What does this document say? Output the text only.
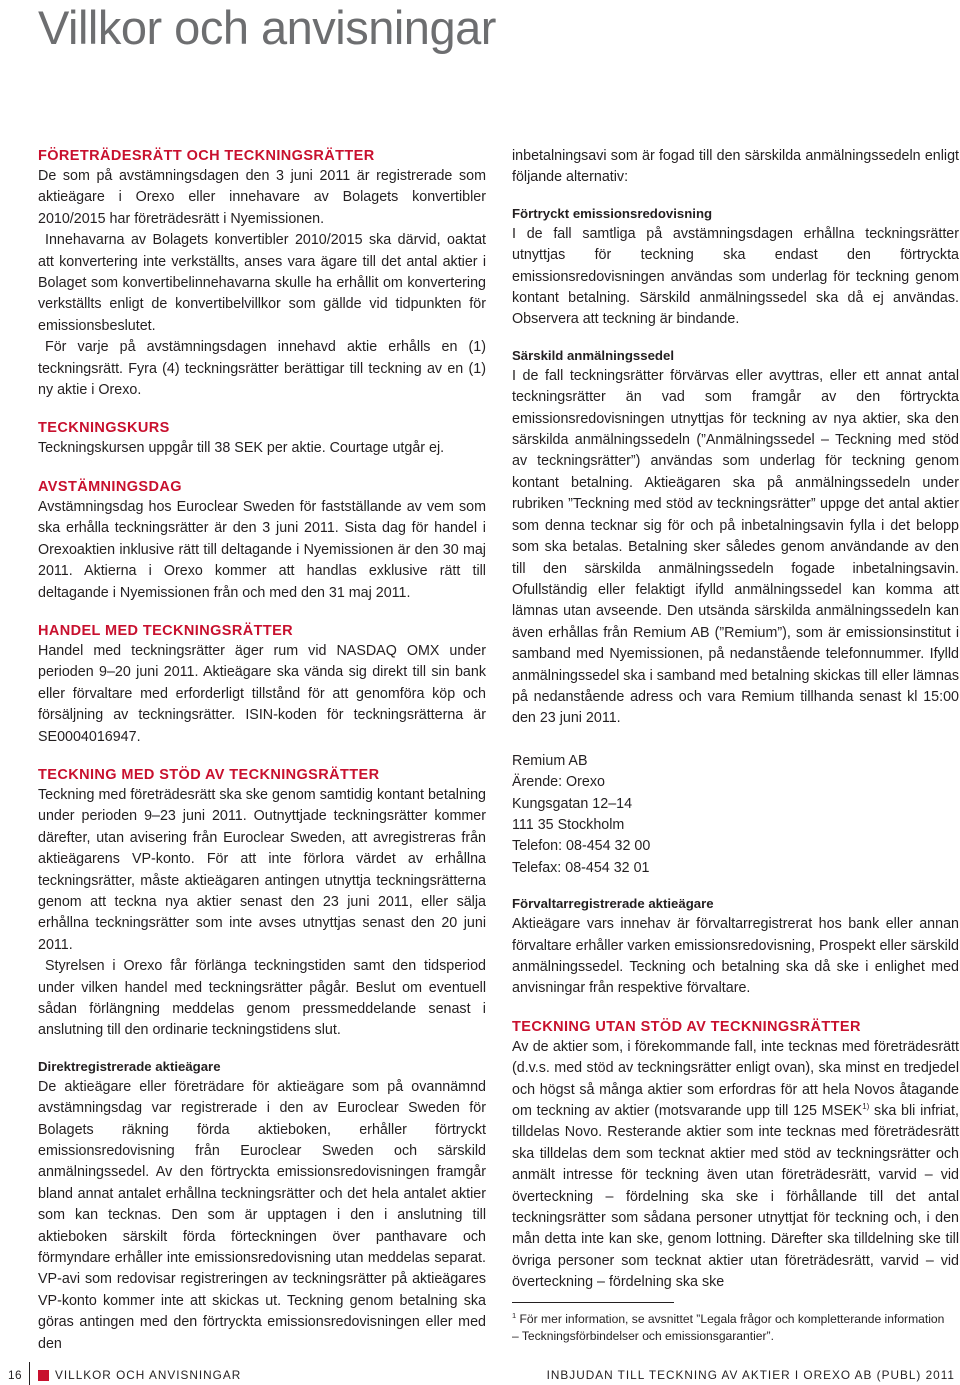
Villkor och anvisningar
FÖRETRÄDESRÄTT OCH TECKNINGSRÄTTER

De som på avstämningsdagen den 3 juni 2011 är registrerade som aktieägare i Orexo eller innehavare av Bolagets konvertibler 2010/2015 har företrädesrätt i Nyemissionen.

Innehavarna av Bolagets konvertibler 2010/2015 ska därvid, oaktat att konvertering inte verkställts, anses vara ägare till det antal aktier i Bolaget som konvertibelinnehavarna skulle ha erhållit om konvertering verkställts enligt de konvertibelvillkor som gällde vid tidpunkten för emissionsbeslutet.

För varje på avstämningsdagen innehavd aktie erhålls en (1) teckningsrätt. Fyra (4) teckningsrätter berättigar till teckning av en (1) ny aktie i Orexo.

TECKNINGSKURS

Teckningskursen uppgår till 38 SEK per aktie. Courtage utgår ej.

AVSTÄMNINGSDAG

Avstämningsdag hos Euroclear Sweden för fastställande av vem som ska erhålla teckningsrätter är den 3 juni 2011. Sista dag för handel i Orexoaktien inklusive rätt till deltagande i Nyemissionen är den 30 maj 2011. Aktierna i Orexo kommer att handlas exklusive rätt till deltagande i Nyemissionen från och med den 31 maj 2011.

HANDEL MED TECKNINGSRÄTTER

Handel med teckningsrätter äger rum vid NASDAQ OMX under perioden 9–20 juni 2011. Aktieägare ska vända sig direkt till sin bank eller förvaltare med erforderligt tillstånd för att genomföra köp och försäljning av teckningsrätter. ISIN-koden för teckningsrätterna är SE0004016947.

TECKNING MED STÖD AV TECKNINGSRÄTTER

Teckning med företrädesrätt ska ske genom samtidig kontant betalning under perioden 9–23 juni 2011. Outnyttjade teckningsrätter kommer därefter, utan avisering från Euroclear Sweden, att avregistreras från aktieägarens VP-konto. För att inte förlora värdet av erhållna teckningsrätter, måste aktieägaren antingen utnyttja teckningsrätterna genom att teckna nya aktier senast den 23 juni 2011, eller sälja erhållna teckningsrätter som inte avses utnyttjas senast den 20 juni 2011.

Styrelsen i Orexo får förlänga teckningstiden samt den tidsperiod under vilken handel med teckningsrätter pågår. Beslut om eventuell sådan förlängning meddelas genom pressmeddelande senast i anslutning till den ordinarie teckningstidens slut.

Direktregistrerade aktieägare

De aktieägare eller företrädare för aktieägare som på ovannämnd avstämningsdag var registrerade i den av Euroclear Sweden för Bolagets räkning förda aktieboken, erhåller förtryckt emissionsredovisning från Euroclear Sweden och särskild anmälningssedel. Av den förtryckta emissionsredovisningen framgår bland annat antalet erhållna teckningsrätter och det hela antalet aktier som kan tecknas. Den som är upptagen i den i anslutning till aktieboken särskilt förda förteckningen över panthavare och förmyndare erhåller inte emissionsredovisning utan meddelas separat. VP-avi som redovisar registreringen av teckningsrätter på aktieägares VP-konto kommer inte att skickas ut. Teckning genom betalning ska göras antingen med den förtryckta emissionsredovisningen eller med den

inbetalningsavi som är fogad till den särskilda anmälningssedeln enligt följande alternativ:

Förtryckt emissionsredovisning

I de fall samtliga på avstämningsdagen erhållna teckningsrätter utnyttjas för teckning ska endast den förtryckta emissionsredovisningen användas som underlag för teckning genom kontant betalning. Särskild anmälningssedel ska då ej användas. Observera att teckning är bindande.

Särskild anmälningssedel

I de fall teckningsrätter förvärvas eller avyttras, eller ett annat antal teckningsrätter än vad som framgår av den förtryckta emissionsredovisningen utnyttjas för teckning av nya aktier, ska den särskilda anmälningssedeln (”Anmälningssedel – Teckning med stöd av teckningsrätter”) användas som underlag för teckning genom kontant betalning. Aktieägaren ska på anmälningssedeln under rubriken ”Teckning med stöd av teckningsrätter” uppge det antal aktier som denna tecknar sig för och på inbetalningsavin fylla i det belopp som ska betalas. Betalning sker således genom användande av den till den särskilda anmälningssedeln fogade inbetalningsavin. Ofullständig eller felaktigt ifylld anmälningssedel kan komma att lämnas utan avseende. Den utsända särskilda anmälningssedeln kan även erhållas från Remium AB (”Remium”), som är emissionsinstitut i samband med Nyemissionen, på nedanstående telefonnummer. Ifylld anmälningssedel ska i samband med betalning skickas till eller lämnas på nedanstående adress och vara Remium tillhanda senast kl 15:00 den 23 juni 2011.

Remium AB

Ärende: Orexo

Kungsgatan 12–14

111 35 Stockholm

Telefon: 08-454 32 00

Telefax: 08-454 32 01

Förvaltarregistrerade aktieägare

Aktieägare vars innehav är förvaltarregistrerat hos bank eller annan förvaltare erhåller varken emissionsredovisning, Prospekt eller särskild anmälningssedel. Teckning och betalning ska då ske i enlighet med anvisningar från respektive förvaltare.

TECKNING UTAN STÖD AV TECKNINGSRÄTTER

Av de aktier som, i förekommande fall, inte tecknas med företrädesrätt (d.v.s. med stöd av teckningsrätter enligt ovan), ska minst en tredjedel och högst så många aktier som erfordras för att hela Novos åtagande om teckning av aktier (motsvarande upp till 125 MSEK$^{1)}$ ska bli infriat, tilldelas Novo. Resterande aktier som inte tecknas med företrädesrätt ska tilldelas dem som tecknat aktier med stöd av teckningsrätter och anmält intresse för teckning även utan företrädesrätt, varvid – vid överteckning – fördelning ska ske i förhållande till det antal teckningsrätter som sådana personer utnyttjat för teckning och, i den mån detta inte kan ske, genom lottning. Därefter ska tilldelning ske till övriga personer som tecknat aktier utan företrädesrätt, varvid – vid överteckning – fördelning ska ske

$^1$ För mer information, se avsnittet ”Legala frågor och kompletterande information – Teckningsförbindelser och emissionsgarantier”.
16	VILLKOR OCH ANVISNINGAR	INBJUDAN TILL TECKNING AV AKTIER I OREXO AB (PUBL) 2011
